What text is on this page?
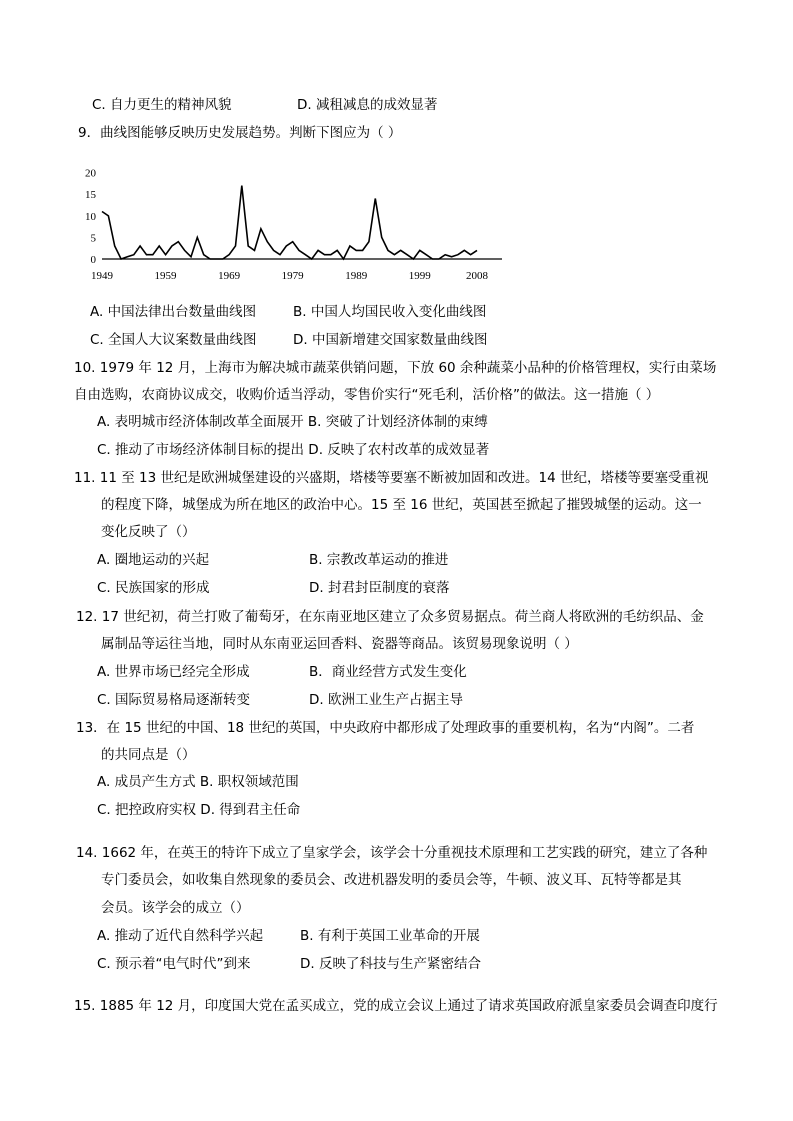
C. 自力更生的精神风貌	D. 减租减息的成效显著
9．曲线图能够反映历史发展趋势。判断下图应为（ ）
0
5
10
15
20
1949	1959	1969	1979	1989	1999	2008
A. 中国法律出台数量曲线图	B. 中国人均国民收入变化曲线图
C. 全国人大议案数量曲线图	D. 中国新增建交国家数量曲线图
10. 1979 年 12 月，上海市为解决城市蔬菜供销问题，下放 60 余种蔬菜小品种的价格管理权，实行由菜场
自由选购，农商协议成交，收购价适当浮动，零售价实行“死毛利，活价格”的做法。这一措施（ ）
A. 表明城市经济体制改革全面展开 B. 突破了计划经济体制的束缚
C. 推动了市场经济体制目标的提出 D. 反映了农村改革的成效显著
11. 11 至 13 世纪是欧洲城堡建设的兴盛期，塔楼等要塞不断被加固和改进。14 世纪，塔楼等要塞受重视
的程度下降，城堡成为所在地区的政治中心。15 至 16 世纪，英国甚至掀起了摧毁城堡的运动。这一
变化反映了（）
A. 圈地运动的兴起	B. 宗教改革运动的推进
C. 民族国家的形成	D. 封君封臣制度的衰落
12. 17 世纪初，荷兰打败了葡萄牙，在东南亚地区建立了众多贸易据点。荷兰商人将欧洲的毛纺织品、金
属制品等运往当地，同时从东南亚运回香料、瓷器等商品。该贸易现象说明（ ）
A. 世界市场已经完全形成	B．商业经营方式发生变化
C. 国际贸易格局逐渐转变	D. 欧洲工业生产占据主导
13．在 15 世纪的中国、18 世纪的英国，中央政府中都形成了处理政事的重要机构，名为“内阁”。二者
的共同点是（）
A. 成员产生方式 B. 职权领域范围
C. 把控政府实权 D. 得到君主任命
14. 1662 年，在英王的特许下成立了皇家学会，该学会十分重视技术原理和工艺实践的研究，建立了各种
专门委员会，如收集自然现象的委员会、改进机器发明的委员会等，牛顿、波义耳、瓦特等都是其
会员。该学会的成立（）
A. 推动了近代自然科学兴起	B. 有利于英国工业革命的开展
C. 预示着“电气时代”到来	D. 反映了科技与生产紧密结合
15. 1885 年 12 月，印度国大党在孟买成立，党的成立会议上通过了请求英国政府派皇家委员会调查印度行
